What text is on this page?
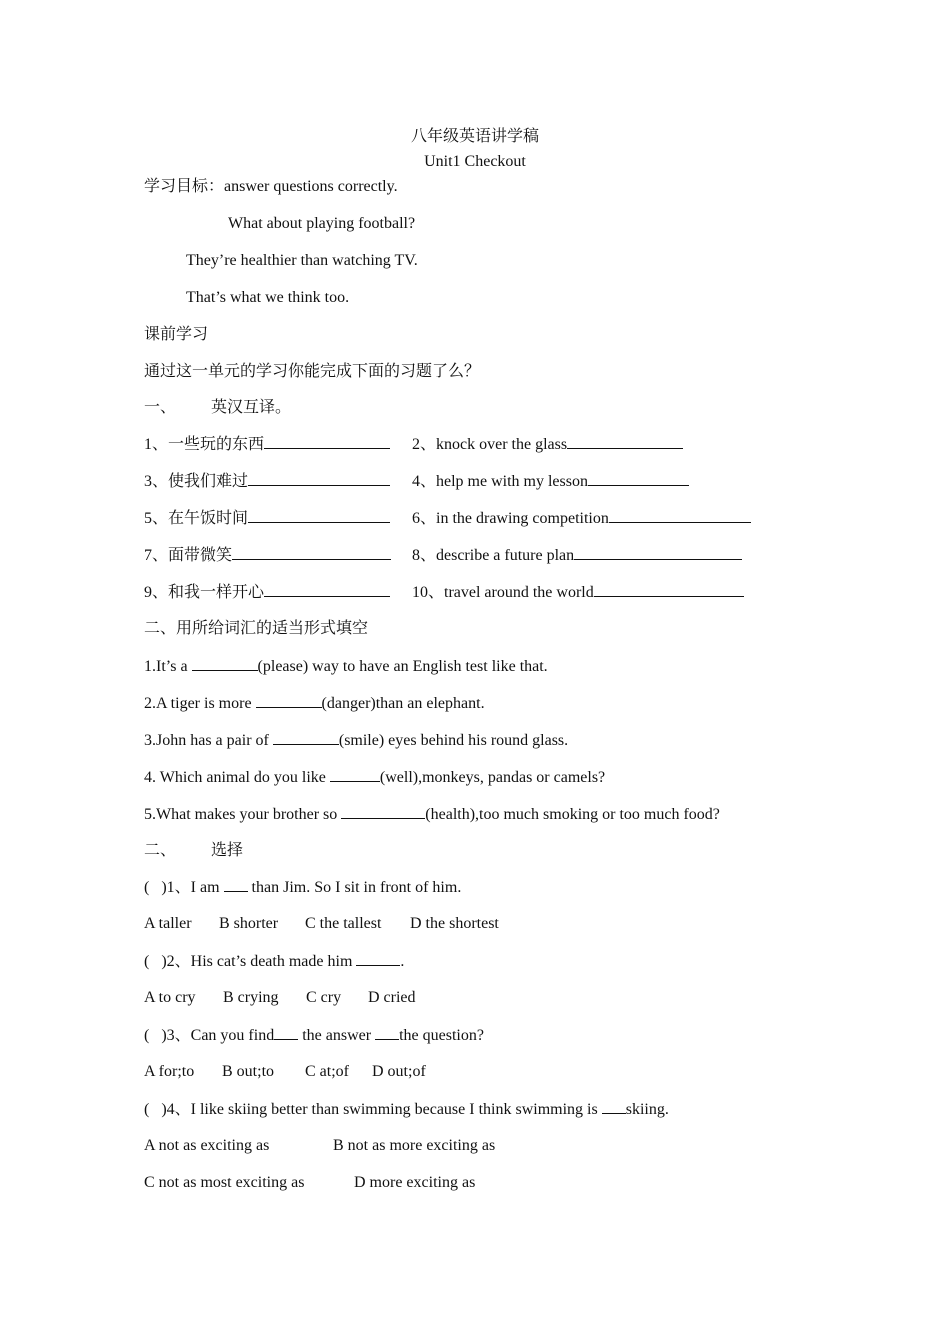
八年级英语讲学稿
Unit1 Checkout
学习目标：answer questions correctly.
What about playing football?
They’re healthier than watching TV.
That’s what we think too.
课前学习
通过这一单元的学习你能完成下面的习题了么？
一、 英汉互译。
1、一些玩的东西	2、knock over the glass
3、使我们难过	4、help me with my lesson
5、在午饭时间	6、in the drawing competition
7、面带微笑	8、describe a future plan
9、和我一样开心	10、travel around the world
二、用所给词汇的适当形式填空
1.It’s a	(please) way to have an English test like that.
2.A tiger is more	(danger)than an elephant.
3.John has a pair of	(smile) eyes behind his round glass.
4. Which animal do you like	(well),monkeys, pandas or camels?
5.What makes your brother so	(health),too much smoking or too much food?
二、 选择
(   )1、I am  than Jim. So I sit in front of him.
A taller B shorter C the tallest D the shortest
(   )2、His cat’s death made him	.
A to cry B crying C cry D cried
(   )3、Can you find the answer the question?
A for;to B out;to C at;of D out;of
(   )4、I like skiing better than swimming because I think swimming is skiing.
A not as exciting as	B not as more exciting as
C not as most exciting as	D more exciting as
